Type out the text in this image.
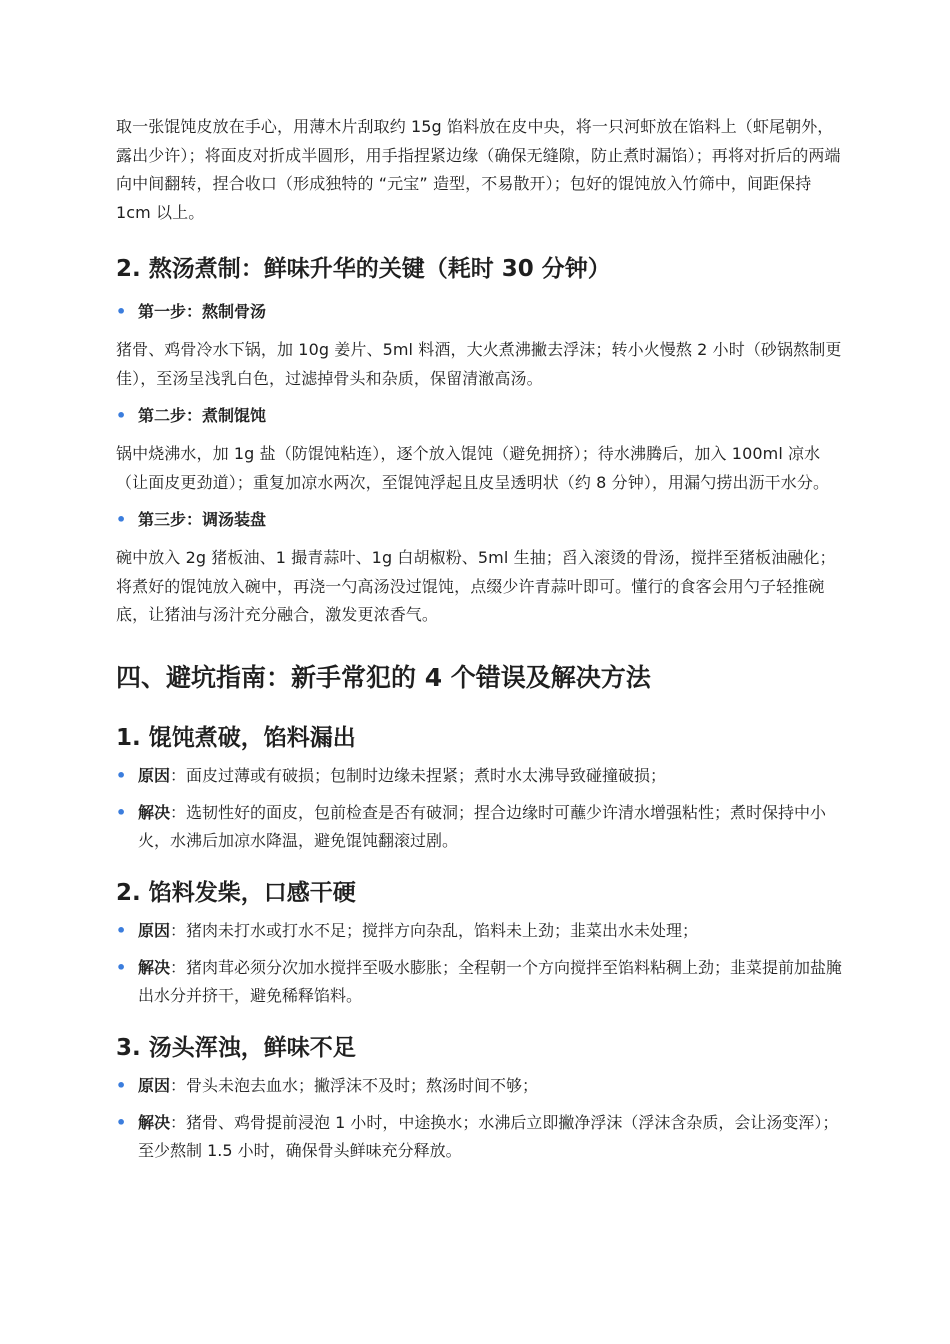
取一张馄饨皮放在手心，用薄木片刮取约 15g 馅料放在皮中央，将一只河虾放在馅料上（虾尾朝外，露出少许）；将面皮对折成半圆形，用手指捏紧边缘（确保无缝隙，防止煮时漏馅）；再将对折后的两端向中间翻转，捏合收口（形成独特的 “元宝” 造型，不易散开）；包好的馄饨放入竹筛中，间距保持 1cm 以上。

2. 熬汤煮制：鲜味升华的关键（耗时 30 分钟）
• 第一步：熬制骨汤

猪骨、鸡骨冷水下锅，加 10g 姜片、5ml 料酒，大火煮沸撇去浮沫；转小火慢熬 2 小时（砂锅熬制更佳），至汤呈浅乳白色，过滤掉骨头和杂质，保留清澈高汤。

• 第二步：煮制馄饨

锅中烧沸水，加 1g 盐（防馄饨粘连），逐个放入馄饨（避免拥挤）；待水沸腾后，加入 100ml 凉水（让面皮更劲道）；重复加凉水两次，至馄饨浮起且皮呈透明状（约 8 分钟），用漏勺捞出沥干水分。

• 第三步：调汤装盘

碗中放入 2g 猪板油、1 撮青蒜叶、1g 白胡椒粉、5ml 生抽；舀入滚烫的骨汤，搅拌至猪板油融化；将煮好的馄饨放入碗中，再浇一勺高汤没过馄饨，点缀少许青蒜叶即可。懂行的食客会用勺子轻推碗底，让猪油与汤汁充分融合，激发更浓香气。

四、避坑指南：新手常犯的 4 个错误及解决方法
1. 馄饨煮破，馅料漏出
• 原因：面皮过薄或有破损；包制时边缘未捏紧；煮时水太沸导致碰撞破损；
• 解决：选韧性好的面皮，包前检查是否有破洞；捏合边缘时可蘸少许清水增强粘性；煮时保持中小火，水沸后加凉水降温，避免馄饨翻滚过剧。
2. 馅料发柴，口感干硬
• 原因：猪肉未打水或打水不足；搅拌方向杂乱，馅料未上劲；韭菜出水未处理；
• 解决：猪肉茸必须分次加水搅拌至吸水膨胀；全程朝一个方向搅拌至馅料粘稠上劲；韭菜提前加盐腌出水分并挤干，避免稀释馅料。
3. 汤头浑浊，鲜味不足
• 原因：骨头未泡去血水；撇浮沫不及时；熬汤时间不够；
• 解决：猪骨、鸡骨提前浸泡 1 小时，中途换水；水沸后立即撇净浮沫（浮沫含杂质，会让汤变浑）；至少熬制 1.5 小时，确保骨头鲜味充分释放。
